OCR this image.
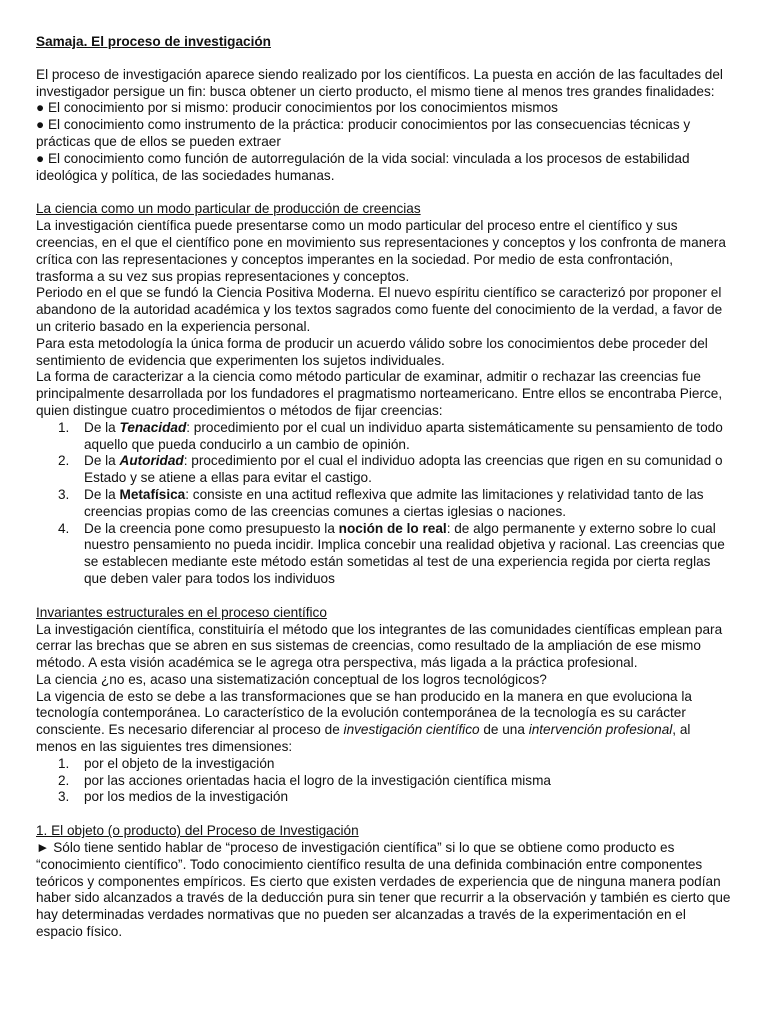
Samaja. El proceso de investigación

El proceso de investigación aparece siendo realizado por los científicos. La puesta en acción de las facultades del investigador persigue un fin: busca obtener un cierto producto, el mismo tiene al menos tres grandes finalidades:

● El conocimiento por si mismo: producir conocimientos por los conocimientos mismos

● El conocimiento como instrumento de la práctica: producir conocimientos por las consecuencias técnicas y prácticas que de ellos se pueden extraer

● El conocimiento como función de autorregulación de la vida social: vinculada a los procesos de estabilidad ideológica y política, de las sociedades humanas.

La ciencia como un modo particular de producción de creencias

La investigación científica puede presentarse como un modo particular del proceso entre el científico y sus creencias, en el que el científico pone en movimiento sus representaciones y conceptos y los confronta de manera crítica con las representaciones y conceptos imperantes en la sociedad. Por medio de esta confrontación, trasforma a su vez sus propias representaciones y conceptos.

Periodo en el que se fundó la Ciencia Positiva Moderna. El nuevo espíritu científico se caracterizó por proponer el abandono de la autoridad académica y los textos sagrados como fuente del conocimiento de la verdad, a favor de un criterio basado en la experiencia personal.

Para esta metodología la única forma de producir un acuerdo válido sobre los conocimientos debe proceder del sentimiento de evidencia que experimenten los sujetos individuales.

La forma de caracterizar a la ciencia como método particular de examinar, admitir o rechazar las creencias fue principalmente desarrollada por los fundadores el pragmatismo norteamericano. Entre ellos se encontraba Pierce, quien distingue cuatro procedimientos o métodos de fijar creencias:

1. De la Tenacidad: procedimiento por el cual un individuo aparta sistemáticamente su pensamiento de todo aquello que pueda conducirlo a un cambio de opinión.
2. De la Autoridad: procedimiento por el cual el individuo adopta las creencias que rigen en su comunidad o Estado y se atiene a ellas para evitar el castigo.
3. De la Metafísica: consiste en una actitud reflexiva que admite las limitaciones y relatividad tanto de las creencias propias como de las creencias comunes a ciertas iglesias o naciones.
4. De la creencia pone como presupuesto la noción de lo real: de algo permanente y externo sobre lo cual nuestro pensamiento no pueda incidir. Implica concebir una realidad objetiva y racional. Las creencias que se establecen mediante este método están sometidas al test de una experiencia regida por cierta reglas que deben valer para todos los individuos

Invariantes estructurales en el proceso científico

La investigación científica, constituiría el método que los integrantes de las comunidades científicas emplean para cerrar las brechas que se abren en sus sistemas de creencias, como resultado de la ampliación de ese mismo método. A esta visión académica se le agrega otra perspectiva, más ligada a la práctica profesional.

La ciencia ¿no es, acaso una sistematización conceptual de los logros tecnológicos?

La vigencia de esto se debe a las transformaciones que se han producido en la manera en que evoluciona la tecnología contemporánea. Lo característico de la evolución contemporánea de la tecnología es su carácter consciente. Es necesario diferenciar al proceso de investigación científico de una intervención profesional, al menos en las siguientes tres dimensiones:

1. por el objeto de la investigación
2. por las acciones orientadas hacia el logro de la investigación científica misma
3. por los medios de la investigación

1. El objeto (o producto) del Proceso de Investigación

► Sólo tiene sentido hablar de “proceso de investigación científica” si lo que se obtiene como producto es “conocimiento científico”. Todo conocimiento científico resulta de una definida combinación entre componentes teóricos y componentes empíricos. Es cierto que existen verdades de experiencia que de ninguna manera podían haber sido alcanzados a través de la deducción pura sin tener que recurrir a la observación y también es cierto que hay determinadas verdades normativas que no pueden ser alcanzadas a través de la experimentación en el espacio físico.
